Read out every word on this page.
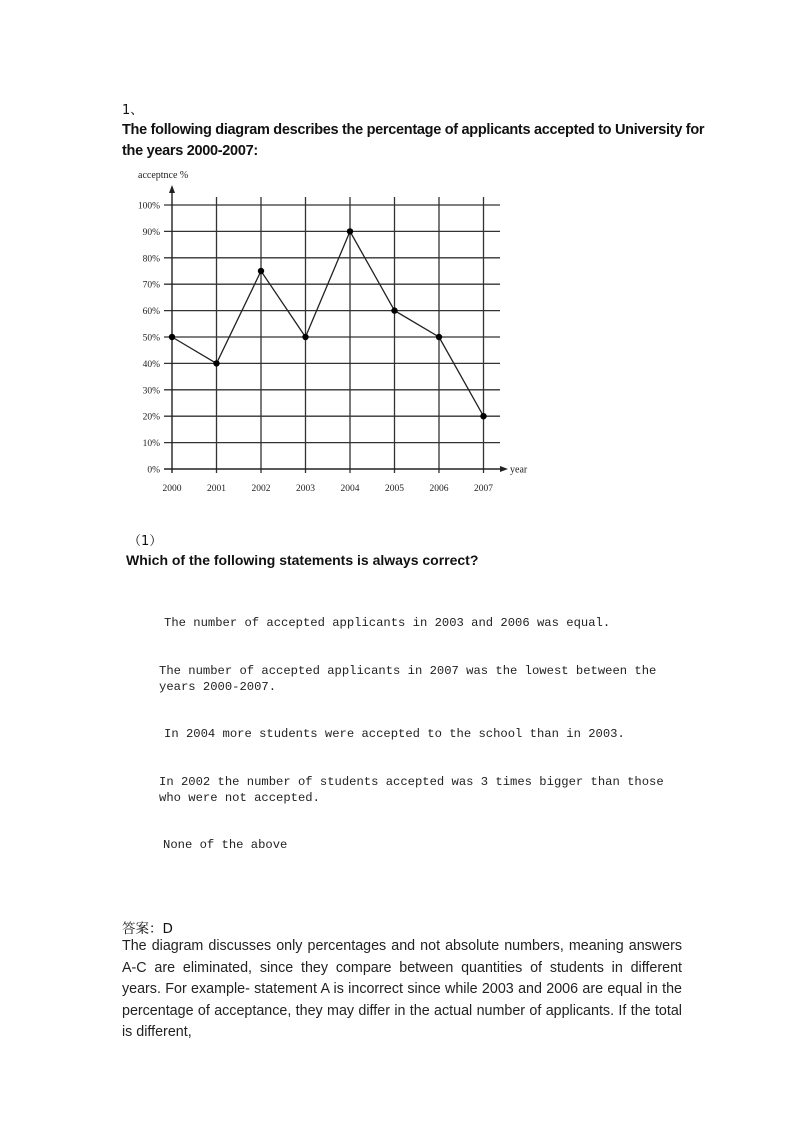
1、
The following diagram describes the percentage of applicants accepted to University for the years 2000-2007:
0%
10%
20%
30%
40%
50%
60%
70%
80%
90%
100%
2000	2001	2002	2003	2004	2005	2006	2007
acceptnce %
year
（1）
Which of the following statements is always correct?
The number of accepted applicants in 2003 and 2006 was equal.
The number of accepted applicants in 2007 was the lowest between the years 2000-2007.
In 2004 more students were accepted to the school than in 2003.
In 2002 the number of students accepted was 3 times bigger than those who were not accepted.
None of the above
答案：D
The diagram discusses only percentages and not absolute numbers, meaning answers A-C are eliminated, since they compare between quantities of students in different years. For example- statement A is incorrect since while 2003 and 2006 are equal in the percentage of acceptance, they may differ in the actual number of applicants. If the total is different,
